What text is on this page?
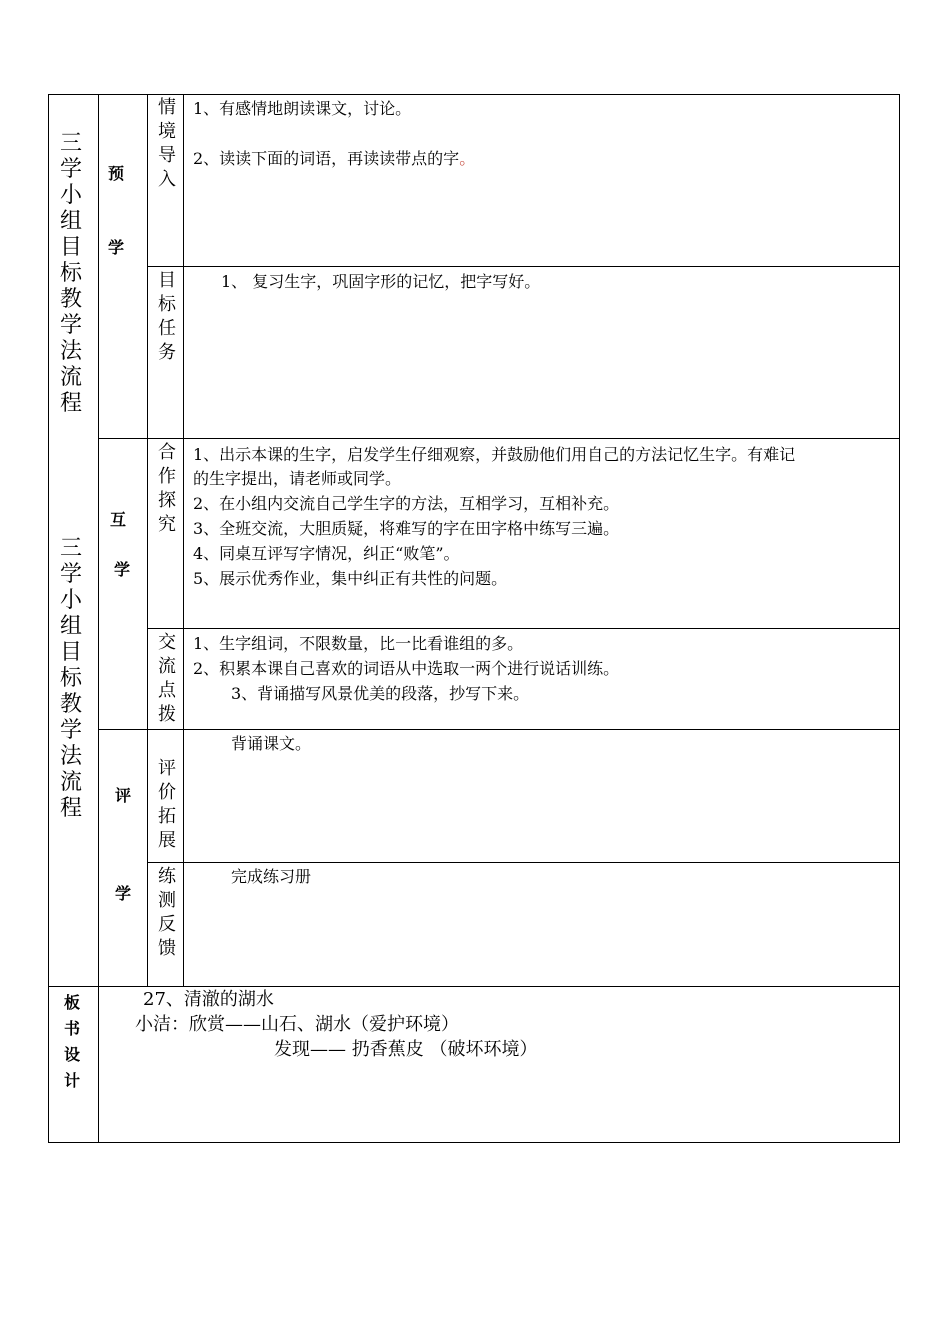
三学小组目标教学法流程
三学小组目标教学法流程
预
学
互
学
评
学
情境导入
目标任务
合作探究
交流点拨
评价拓展
练测反馈
1、有感情地朗读课文，讨论。
2、读读下面的词语，再读读带点的字。
1、 复习生字，巩固字形的记忆，把字写好。
1、出示本课的生字，启发学生仔细观察，并鼓励他们用自己的方法记忆生字。有难记
的生字提出，请老师或同学。
2、在小组内交流自己学生字的方法，互相学习，互相补充。
3、全班交流，大胆质疑，将难写的字在田字格中练写三遍。
4、同桌互评写字情况，纠正“败笔”。
5、展示优秀作业，集中纠正有共性的问题。
1、生字组词，不限数量，比一比看谁组的多。
2、积累本课自己喜欢的词语从中选取一两个进行说话训练。
3、背诵描写风景优美的段落，抄写下来。
背诵课文。
完成练习册
板书设计
27、清澈的湖水
小洁：欣赏——山石、湖水（爱护环境）
发现—— 扔香蕉皮 （破坏环境）
